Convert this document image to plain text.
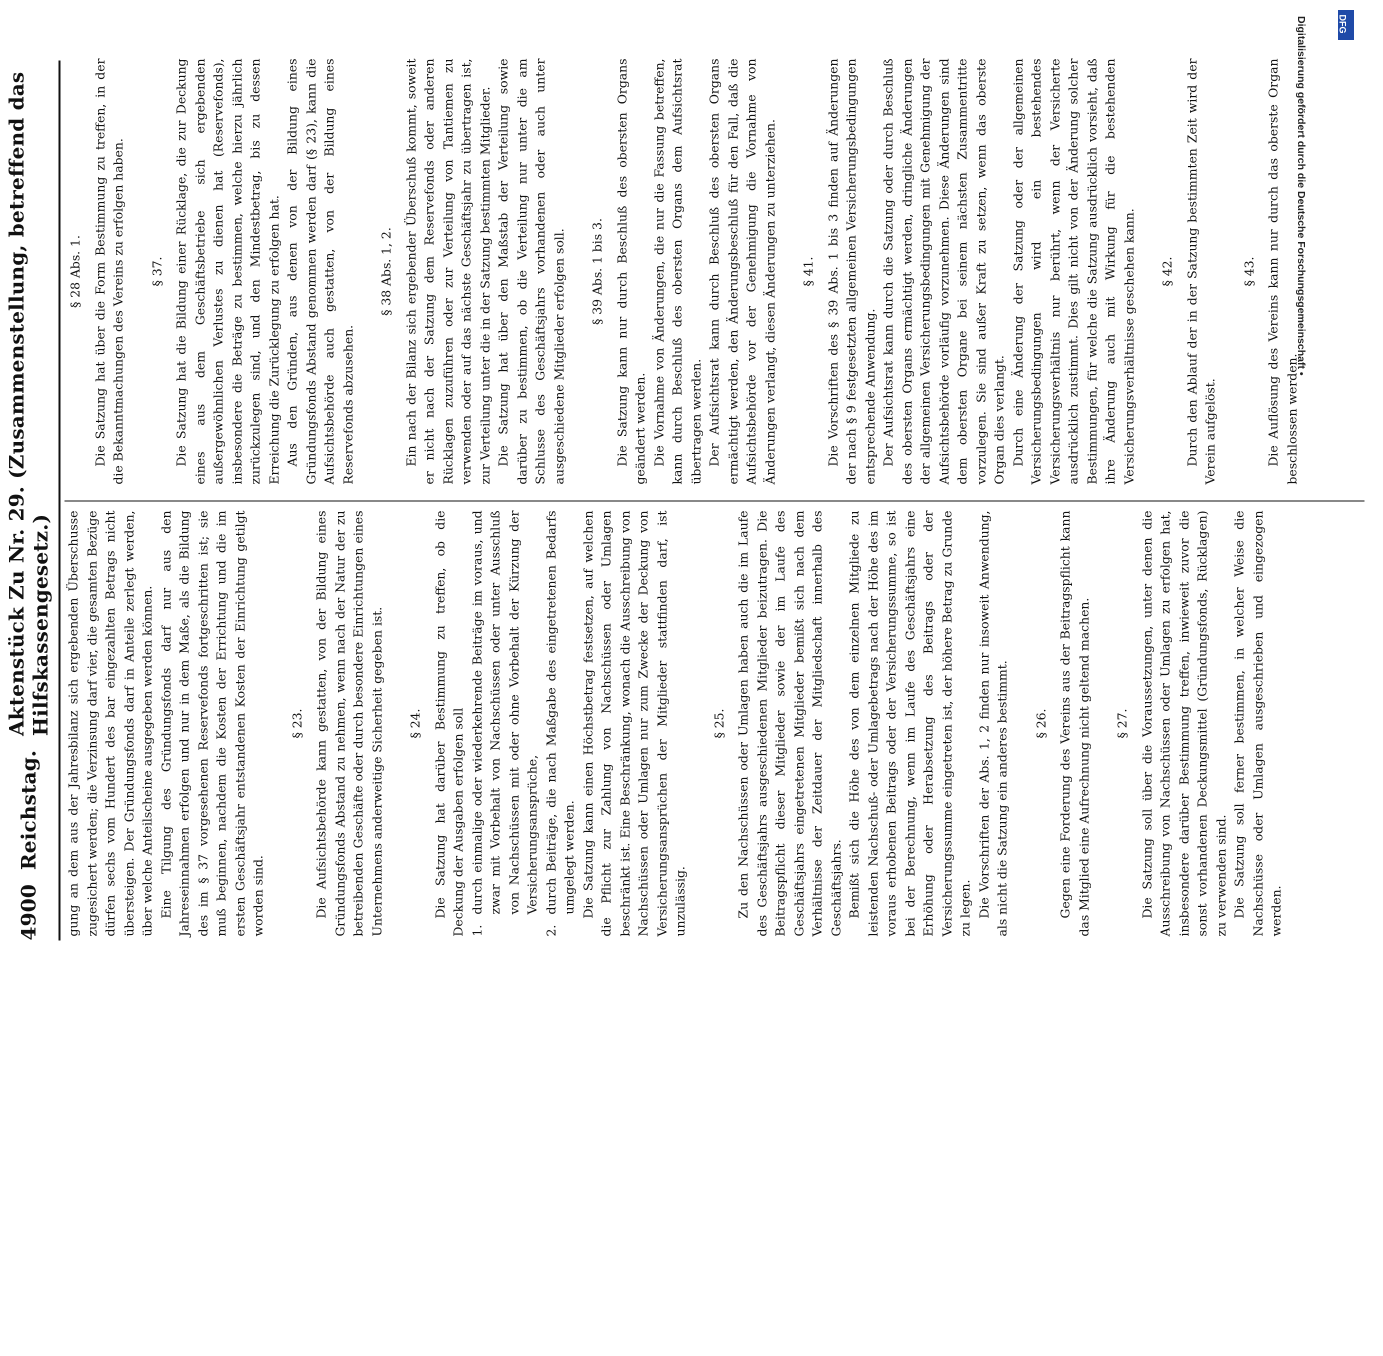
4900
Reichstag.
Aktenstück Zu Nr. 29. (Zusammenstellung, betreffend das Hilfskassengesetz.) gung an dem aus der Jahresbilanz sich ergebenden Überschusse zugesichert werden; die Verzinsung darf vier, die gesamten Bezüge dürfen sechs vom Hundert des bar eingezahlten Betrags nicht übersteigen. Der Gründungsfonds darf in Anteile zerlegt werden, über welche Anteilscheine ausgegeben werden können. Eine Tilgung des Gründungsfonds darf nur aus den Jahreseinnahmen erfolgen und nur in dem Maße, als die Bildung des im § 37 vorgesehenen Reservefonds fortgeschritten ist; sie muß beginnen, nachdem die Kosten der Errichtung und die im ersten Geschäftsjahr entstandenen Kosten der Einrichtung getilgt worden sind.

§ 23. Die Aufsichtsbehörde kann gestatten, von der Bildung eines Gründungsfonds Abstand zu nehmen, wenn nach der Natur der zu betreibenden Geschäfte oder durch besondere Einrichtungen eines Unternehmens anderweitige Sicherheit gegeben ist. § 24. Die Satzung hat darüber Bestimmung zu treffen, ob die Deckung der Ausgaben erfolgen soll 1.durch einmalige oder wiederkehrende Beiträge im voraus, und zwar mit Vorbehalt von Nachschüssen oder unter Ausschluß von Nachschüssen mit oder ohne Vorbehalt der Kürzung der Versicherungsansprüche,

2.durch Beiträge, die nach Maßgabe des eingetretenen Bedarfs umgelegt werden. Die Satzung kann einen Höchstbetrag festsetzen, auf welchen die Pflicht zur Zahlung von Nachschüssen oder Umlagen beschränkt ist. Eine Beschränkung, wonach die Ausschreibung von Nachschüssen oder Umlagen nur zum Zwecke der Deckung von Versicherungsansprüchen der Mitglieder stattfinden darf, ist unzulässig.

§ 25. Zu den Nachschüssen oder Umlagen haben auch die im Laufe des Geschäftsjahrs ausgeschiedenen Mitglieder beizutragen. Die Beitragspflicht dieser Mitglieder sowie der im Laufe des Geschäftsjahrs eingetretenen Mitglieder bemißt sich nach dem Verhältnisse der Zeitdauer der Mitgliedschaft innerhalb des Geschäftsjahrs. Bemißt sich die Höhe des von dem einzelnen Mitgliede zu leistenden Nachschuß- oder Umlagebetrags nach der Höhe des im voraus erhobenen Beitrags oder der Versicherungssumme, so ist bei der Berechnung, wenn im Laufe des Geschäftsjahrs eine Erhöhung oder Herabsetzung des Beitrags oder der Versicherungssumme eingetreten ist, der höhere Betrag zu Grunde zu legen. Die Vorschriften der Abs. 1, 2 finden nur insoweit Anwendung, als nicht die Satzung ein anderes bestimmt. § 26. Gegen eine Forderung des Vereins aus der Beitragspflicht kann das Mitglied eine Aufrechnung nicht geltend machen. § 27. Die Satzung soll über die Voraussetzungen, unter denen die Ausschreibung von Nachschüssen oder Umlagen zu erfolgen hat, insbesondere darüber Bestimmung treffen, inwieweit zuvor die sonst vorhandenen Deckungsmittel (Gründungsfonds, Rücklagen) zu verwenden sind. Die Satzung soll ferner bestimmen, in welcher Weise die Nachschüsse oder Umlagen ausgeschrieben und eingezogen werden.

§ 28 Abs. 1. Die Satzung hat über die Form Bestimmung zu treffen, in der die Bekanntmachungen des Vereins zu erfolgen haben. § 37. Die Satzung hat die Bildung einer Rücklage, die zur Deckung eines aus dem Geschäftsbetriebe sich ergebenden außergewöhnlichen Verlustes zu dienen hat (Reservefonds), insbesondere die Beträge zu bestimmen, welche hierzu jährlich zurückzulegen sind, und den Mindestbetrag, bis zu dessen Erreichung die Zurücklegung zu erfolgen hat. Aus den Gründen, aus denen von der Bildung eines Gründungsfonds Abstand genommen werden darf (§ 23), kann die Aufsichtsbehörde auch gestatten, von der Bildung eines Reservefonds abzusehen.

§ 38 Abs. 1, 2. Ein nach der Bilanz sich ergebender Überschuß kommt, soweit er nicht nach der Satzung dem Reservefonds oder anderen Rücklagen zuzuführen oder zur Verteilung von Tantiemen zu verwenden oder auf das nächste Geschäftsjahr zu übertragen ist, zur Verteilung unter die in der Satzung bestimmten Mitglieder. Die Satzung hat über den Maßstab der Verteilung sowie darüber zu bestimmen, ob die Verteilung nur unter die am Schlusse des Geschäftsjahrs vorhandenen oder auch unter ausgeschiedene Mitglieder erfolgen soll. § 39 Abs. 1 bis 3. Die Satzung kann nur durch Beschluß des obersten Organs geändert werden. Die Vornahme von Änderungen, die nur die Fassung betreffen, kann durch Beschluß des obersten Organs dem Aufsichtsrat übertragen werden. Der Aufsichtsrat kann durch Beschluß des obersten Organs ermächtigt werden, den Änderungsbeschluß für den Fall, daß die Aufsichtsbehörde vor der Genehmigung die Vornahme von Änderungen verlangt, diesen Änderungen zu unterziehen. § 41. Die Vorschriften des § 39 Abs. 1 bis 3 finden auf Änderungen der nach § 9 festgesetzten allgemeinen Versicherungsbedingungen entsprechende Anwendung. Der Aufsichtsrat kann durch die Satzung oder durch Beschluß des obersten Organs ermächtigt werden, dringliche Änderungen der allgemeinen Versicherungsbedingungen mit Genehmigung der Aufsichtsbehörde vorläufig vorzunehmen. Diese Änderungen sind dem obersten Organe bei seinem nächsten Zusammentritte vorzulegen. Sie sind außer Kraft zu setzen, wenn das oberste Organ dies verlangt. Durch eine Änderung der Satzung oder der allgemeinen Versicherungsbedingungen wird ein bestehendes Versicherungsverhältnis nur berührt, wenn der Versicherte ausdrücklich zustimmt. Dies gilt nicht von der Änderung solcher Bestimmungen, für welche die Satzung ausdrücklich vorsieht, daß ihre Änderung auch mit Wirkung für die bestehenden Versicherungsverhältnisse geschehen kann. § 42. Durch den Ablauf der in der Satzung bestimmten Zeit wird der Verein aufgelöst.

§ 43. Die Auflösung des Vereins kann nur durch das oberste Organ beschlossen werden.

Digitalisierung gefördert durch die Deutsche Forschungsgemeinschaft •	DFG
